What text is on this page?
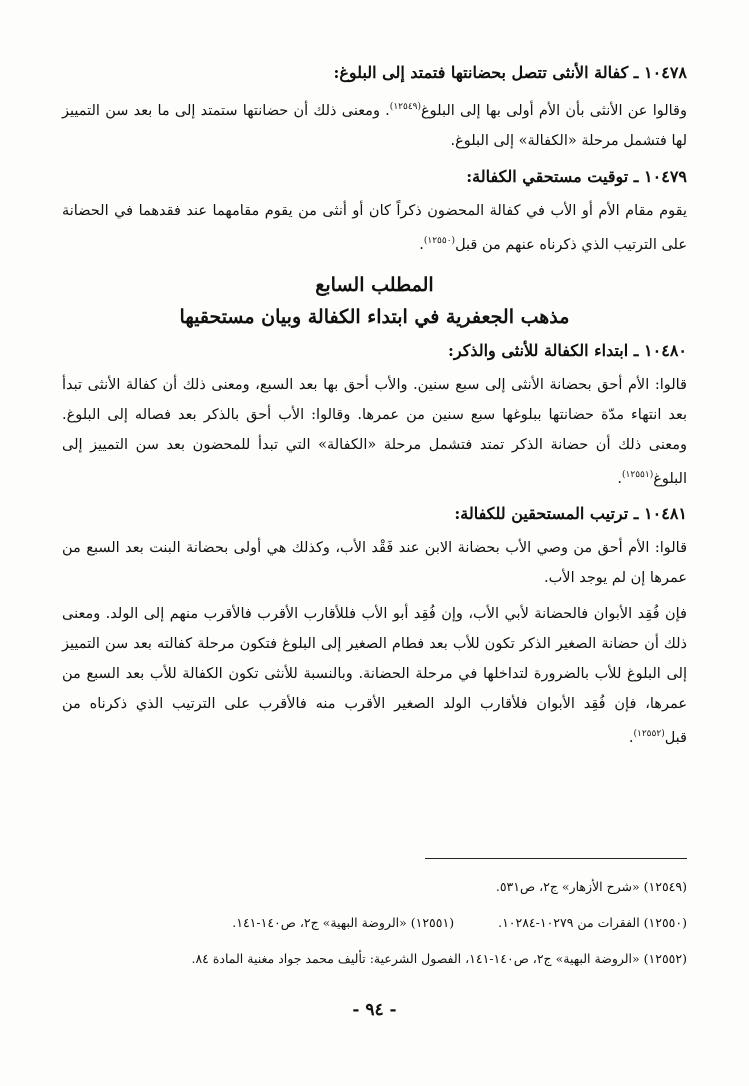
١٠٤٧٨ ـ كفالة الأنثى تتصل بحضانتها فتمتد إلى البلوغ:

وقالوا عن الأنثى بأن الأم أولى بها إلى البلوغ$^{(١٢٥٤٩)}$. ومعنى ذلك أن حضانتها ستمتد إلى ما بعد سن التمييز لها فتشمل مرحلة «الكفالة» إلى البلوغ.

١٠٤٧٩ ـ توقيت مستحقي الكفالة:

يقوم مقام الأم أو الأب في كفالة المحضون ذكراً كان أو أنثى من يقوم مقامهما عند فقدهما في الحضانة على الترتيب الذي ذكرناه عنهم من قبل$^{(١٢٥٥٠)}$.

المطلب السابع
مذهب الجعفرية في ابتداء الكفالة وبيان مستحقيها
١٠٤٨٠ ـ ابتداء الكفالة للأنثى والذكر:

قالوا: الأم أحق بحضانة الأنثى إلى سبع سنين. والأب أحق بها بعد السبع، ومعنى ذلك أن كفالة الأنثى تبدأ بعد انتهاء مدّة حضانتها ببلوغها سبع سنين من عمرها. وقالوا: الأب أحق بالذكر بعد فصاله إلى البلوغ. ومعنى ذلك أن حضانة الذكر تمتد فتشمل مرحلة «الكفالة» التي تبدأ للمحضون بعد سن التمييز إلى البلوغ$^{(١٢٥٥١)}$.

١٠٤٨١ ـ ترتيب المستحقين للكفالة:

قالوا: الأم أحق من وصي الأب بحضانة الابن عند فَقْد الأب، وكذلك هي أولى بحضانة البنت بعد السبع من عمرها إن لم يوجد الأب.

فإن فُقِد الأبوان فالحضانة لأبي الأب، وإن فُقِد أبو الأب فللأقارب الأقرب فالأقرب منهم إلى الولد. ومعنى ذلك أن حضانة الصغير الذكر تكون للأب بعد فطام الصغير إلى البلوغ فتكون مرحلة كفالته بعد سن التمييز إلى البلوغ للأب بالضرورة لتداخلها في مرحلة الحضانة. وبالنسبة للأنثى تكون الكفالة للأب بعد السبع من عمرها، فإن فُقِد الأبوان فلأقارب الولد الصغير الأقرب منه فالأقرب على الترتيب الذي ذكرناه من قبل$^{(١٢٥٥٢)}$.

(١٢٥٤٩) «شرح الأزهار» ج٢، ص٥٣١.
(١٢٥٥٠) الفقرات من ١٠٢٧٩-١٠٢٨٤.
(١٢٥٥١) «الروضة البهية» ج٢، ص١٤٠-١٤١.
(١٢٥٥٢) «الروضة البهية» ج٢، ص١٤٠-١٤١، الفصول الشرعية: تأليف محمد جواد مغنية المادة ٨٤.
- ٩٤ -
